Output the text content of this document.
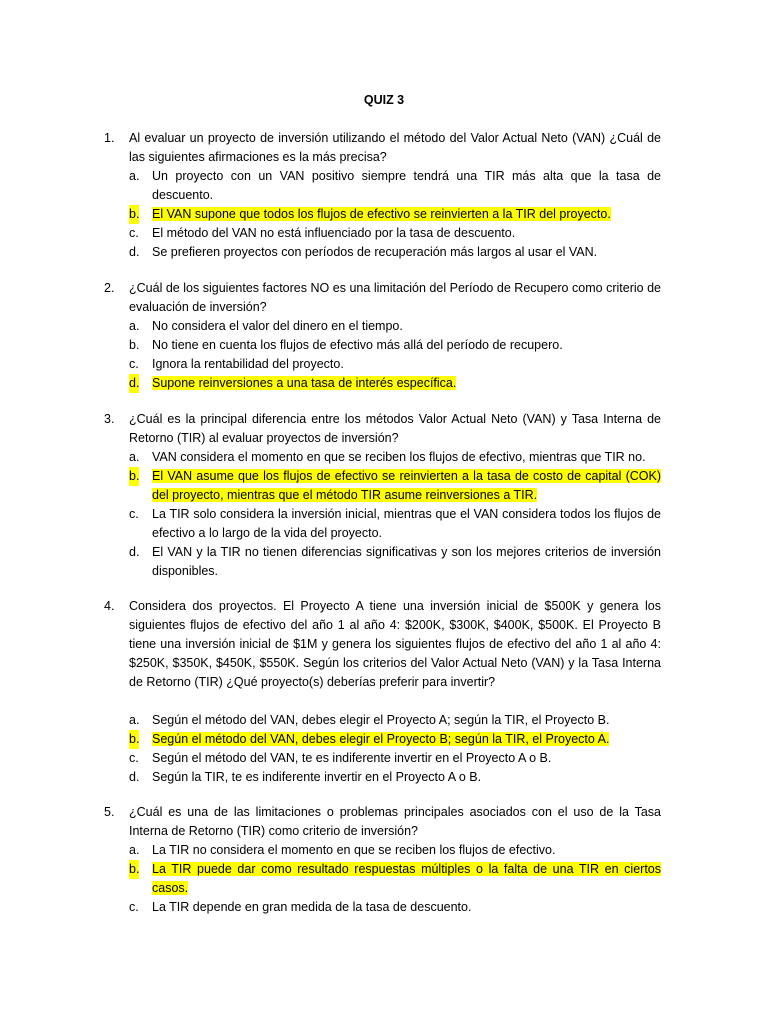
QUIZ 3
1. Al evaluar un proyecto de inversión utilizando el método del Valor Actual Neto (VAN) ¿Cuál de las siguientes afirmaciones es la más precisa?
a. Un proyecto con un VAN positivo siempre tendrá una TIR más alta que la tasa de descuento.
b. El VAN supone que todos los flujos de efectivo se reinvierten a la TIR del proyecto.
c. El método del VAN no está influenciado por la tasa de descuento.
d. Se prefieren proyectos con períodos de recuperación más largos al usar el VAN.
2. ¿Cuál de los siguientes factores NO es una limitación del Período de Recupero como criterio de evaluación de inversión?
a. No considera el valor del dinero en el tiempo.
b. No tiene en cuenta los flujos de efectivo más allá del período de recupero.
c. Ignora la rentabilidad del proyecto.
d. Supone reinversiones a una tasa de interés específica.
3. ¿Cuál es la principal diferencia entre los métodos Valor Actual Neto (VAN) y Tasa Interna de Retorno (TIR) al evaluar proyectos de inversión?
a. VAN considera el momento en que se reciben los flujos de efectivo, mientras que TIR no.
b. El VAN asume que los flujos de efectivo se reinvierten a la tasa de costo de capital (COK) del proyecto, mientras que el método TIR asume reinversiones a TIR.
c. La TIR solo considera la inversión inicial, mientras que el VAN considera todos los flujos de efectivo a lo largo de la vida del proyecto.
d. El VAN y la TIR no tienen diferencias significativas y son los mejores criterios de inversión disponibles.
4. Considera dos proyectos. El Proyecto A tiene una inversión inicial de $500K y genera los siguientes flujos de efectivo del año 1 al año 4: $200K, $300K, $400K, $500K. El Proyecto B tiene una inversión inicial de $1M y genera los siguientes flujos de efectivo del año 1 al año 4: $250K, $350K, $450K, $550K. Según los criterios del Valor Actual Neto (VAN) y la Tasa Interna de Retorno (TIR) ¿Qué proyecto(s) deberías preferir para invertir?
a. Según el método del VAN, debes elegir el Proyecto A; según la TIR, el Proyecto B.
b. Según el método del VAN, debes elegir el Proyecto B; según la TIR, el Proyecto A.
c. Según el método del VAN, te es indiferente invertir en el Proyecto A o B.
d. Según la TIR, te es indiferente invertir en el Proyecto A o B.
5. ¿Cuál es una de las limitaciones o problemas principales asociados con el uso de la Tasa Interna de Retorno (TIR) como criterio de inversión?
a. La TIR no considera el momento en que se reciben los flujos de efectivo.
b. La TIR puede dar como resultado respuestas múltiples o la falta de una TIR en ciertos casos.
c. La TIR depende en gran medida de la tasa de descuento.
